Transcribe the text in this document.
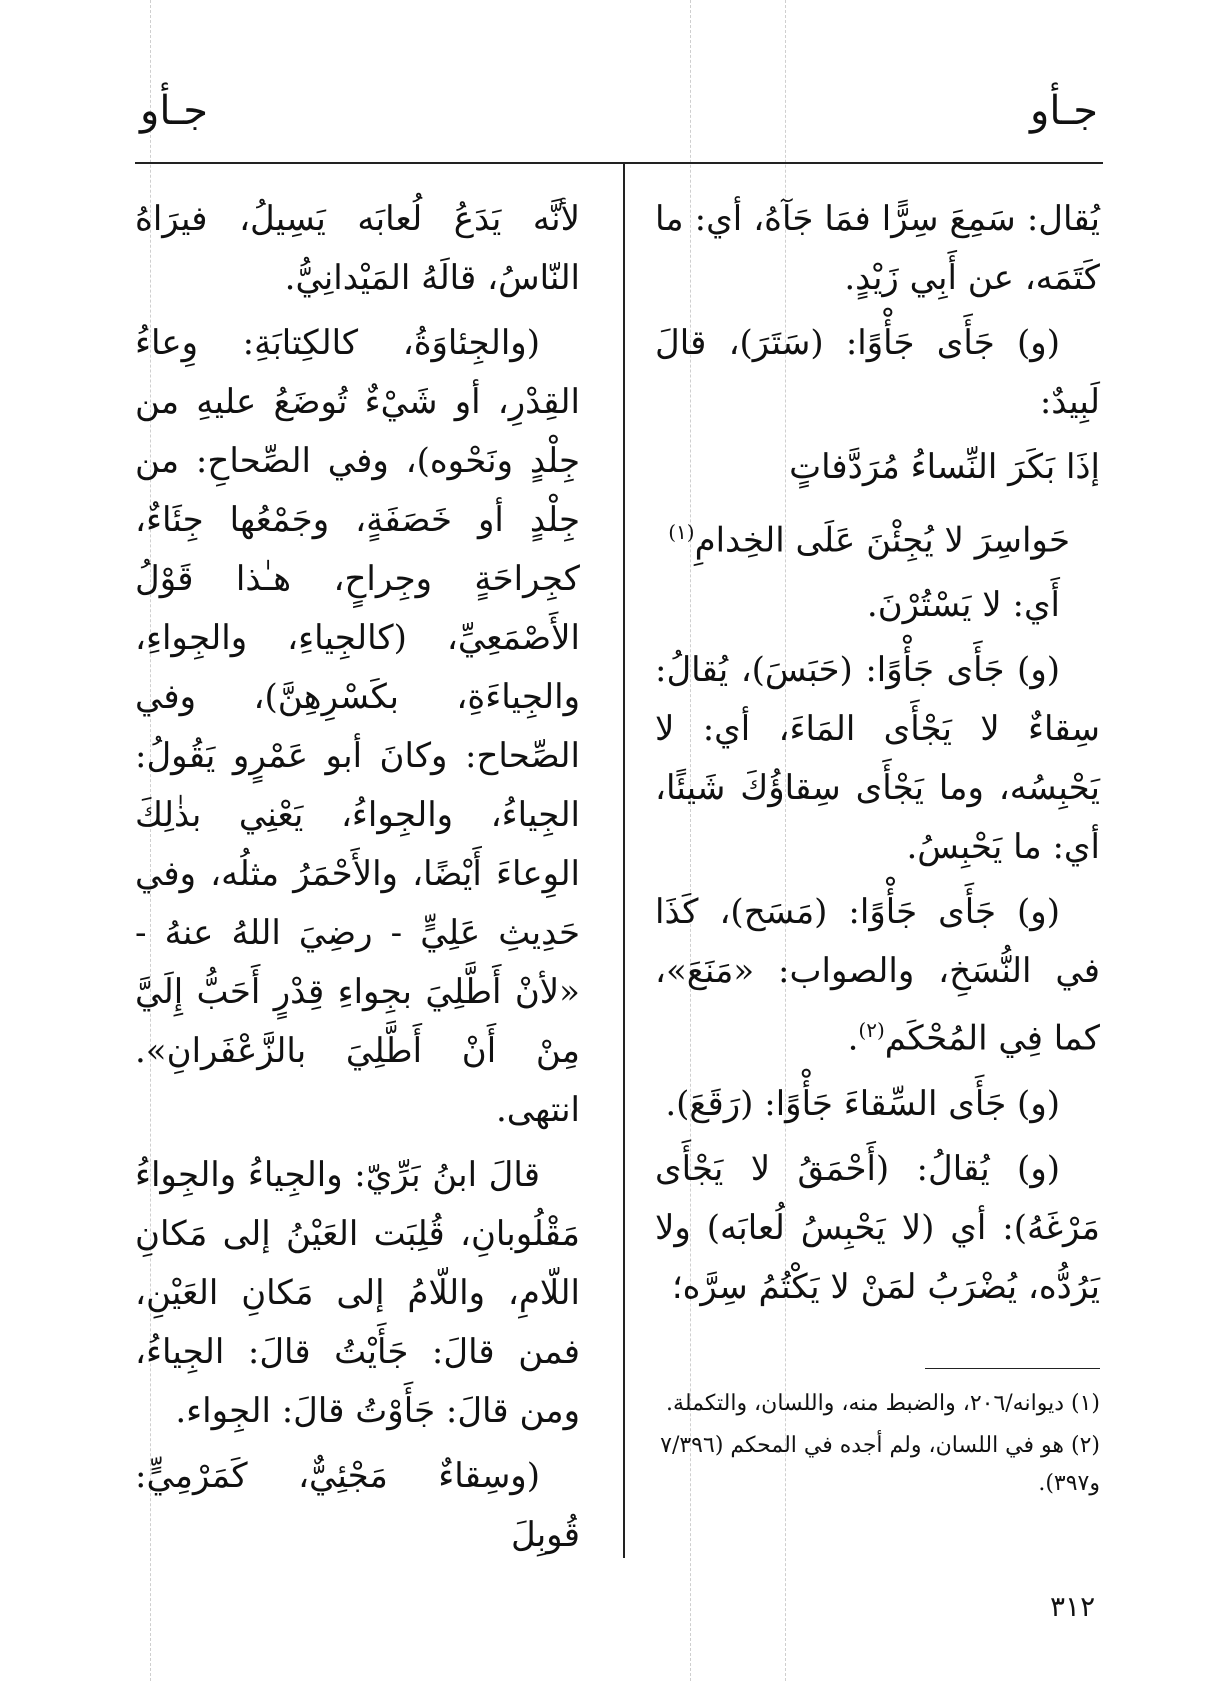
جـأو
جـأو

يُقال: سَمِعَ سِرًّا فمَا جَآهُ، أي: ما كَتَمَه، عن أَبِي زَيْدٍ.

(و) جَأَى جَأْوًا: (سَتَرَ)، قالَ لَبِيدٌ:

إذَا بَكَرَ النِّساءُ مُرَدَّفاتٍ

حَواسِرَ لا يُجِئْنَ عَلَى الخِدامِ$^{(١)}$

أَي: لا يَسْتُرْنَ.

(و) جَأَى جَأْوًا: (حَبَسَ)، يُقالُ: سِقاءٌ لا يَجْأَى المَاءَ، أي: لا يَحْبِسُه، وما يَجْأَى سِقاؤُكَ شَيئًا، أي: ما يَحْبِسُ.

(و) جَأَى جَأْوًا: (مَسَح)، كَذَا في النُّسَخِ، والصواب: «مَنَعَ»، كما فِي المُحْكَم$^{(٢)}$.

(و) جَأَى السِّقاءَ جَأْوًا: (رَقَعَ).

(و) يُقالُ: (أَحْمَقُ لا يَجْأَى مَرْغَهُ): أي (لا يَحْبِسُ لُعابَه) ولا يَرُدُّه، يُضْرَبُ لمَنْ لا يَكْتُمُ سِرَّه؛

لأنَّه يَدَعُ لُعابَه يَسِيلُ، فيرَاهُ النّاسُ، قالَهُ المَيْدانِيُّ.

(والجِئاوَةُ، كالكِتابَةِ: وِعاءُ القِدْرِ، أو شَيْءٌ تُوضَعُ عليهِ من جِلْدٍ ونَحْوه)، وفي الصِّحاحِ: من جِلْدٍ أو خَصَفَةٍ، وجَمْعُها جِئَاءٌ، كجِراحَةٍ وجِراحٍ، هـٰذا قَوْلُ الأَصْمَعِيِّ، (كالجِياءِ، والجِواءِ، والجِياءَةِ، بكَسْرِهِنَّ)، وفي الصِّحاح: وكانَ أبو عَمْرٍو يَقُولُ: الجِياءُ، والجِواءُ، يَعْنِي بذٰلِكَ الوِعاءَ أَيْضًا، والأَحْمَرُ مثلُه، وفي حَدِيثِ عَلِيٍّ - رضِيَ اللهُ عنهُ - «لأنْ أَطَّلِيَ بجِواءِ قِدْرٍ أَحَبُّ إِلَيَّ مِنْ أَنْ أَطَّلِيَ بالزَّعْفَرانِ». انتهى.

قالَ ابنُ بَرِّيّ: والجِياءُ والجِواءُ مَقْلُوبانِ، قُلِبَت العَيْنُ إلى مَكانِ اللّامِ، واللّامُ إلى مَكانِ العَيْنِ، فمن قالَ: جَأَيْتُ قالَ: الجِياءُ، ومن قالَ: جَأَوْتُ قالَ: الجِواء.

(وسِقاءٌ مَجْئِيٌّ، كَمَرْمِيٍّ: قُوبِلَ

(١) ديوانه/٢٠٦، والضبط منه، واللسان، والتكملة.

(٢) هو في اللسان، ولم أجده في المحكم (٧/٣٩٦ و٣٩٧).

٣١٢
